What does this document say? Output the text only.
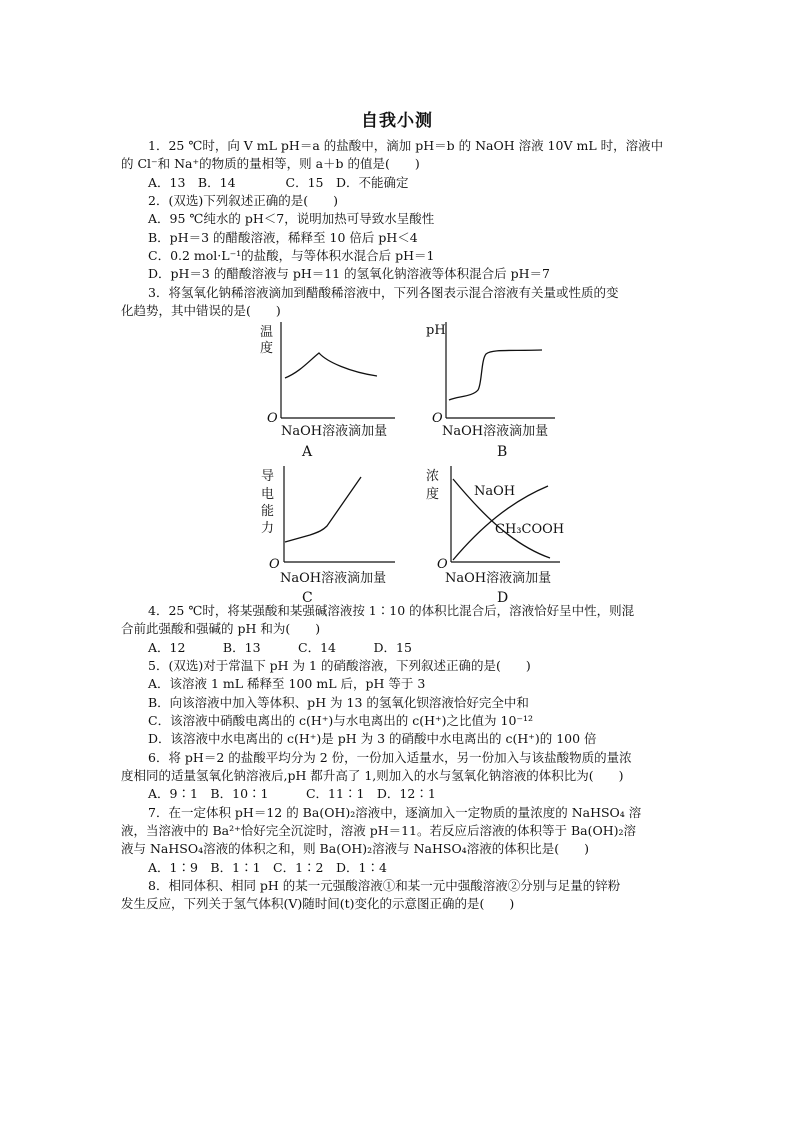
自我小测
1．25 ℃时，向 V mL pH＝a 的盐酸中，滴加 pH＝b 的 NaOH 溶液 10V mL 时，溶液中
的 Cl⁻和 Na⁺的物质的量相等，则 a＋b 的值是(　　)
A．13　B．14　　　　C．15　D．不能确定
2．(双选)下列叙述正确的是(　　)
A．95 ℃纯水的 pH＜7，说明加热可导致水呈酸性
B．pH＝3 的醋酸溶液，稀释至 10 倍后 pH＜4
C．0.2 mol·L⁻¹的盐酸，与等体积水混合后 pH＝1
D．pH＝3 的醋酸溶液与 pH＝11 的氢氧化钠溶液等体积混合后 pH＝7
3．将氢氧化钠稀溶液滴加到醋酸稀溶液中，下列各图表示混合溶液有关量或性质的变
化趋势，其中错误的是(　　)
温
度
O
NaOH溶液滴加量
A
pH
O
NaOH溶液滴加量
B
导
电
能
力
O
NaOH溶液滴加量
C
浓
度	NaOH
CH₃COOH
O
NaOH溶液滴加量
D
4．25 ℃时，将某强酸和某强碱溶液按 1∶10 的体积比混合后，溶液恰好呈中性，则混
合前此强酸和强碱的 pH 和为(　　)
A．12　　　B．13　　　C．14　　　D．15
5．(双选)对于常温下 pH 为 1 的硝酸溶液，下列叙述正确的是(　　)
A．该溶液 1 mL 稀释至 100 mL 后，pH 等于 3
B．向该溶液中加入等体积、pH 为 13 的氢氧化钡溶液恰好完全中和
C．该溶液中硝酸电离出的 c(H⁺)与水电离出的 c(H⁺)之比值为 10⁻¹²
D．该溶液中水电离出的 c(H⁺)是 pH 为 3 的硝酸中水电离出的 c(H⁺)的 100 倍
6．将 pH＝2 的盐酸平均分为 2 份，一份加入适量水，另一份加入与该盐酸物质的量浓
度相同的适量氢氧化钠溶液后,pH 都升高了 1,则加入的水与氢氧化钠溶液的体积比为(　　)
A．9∶1　B．10∶1　　　C．11∶1　D．12∶1
7．在一定体积 pH＝12 的 Ba(OH)₂溶液中，逐滴加入一定物质的量浓度的 NaHSO₄ 溶
液，当溶液中的 Ba²⁺恰好完全沉淀时，溶液 pH＝11。若反应后溶液的体积等于 Ba(OH)₂溶
液与 NaHSO₄溶液的体积之和，则 Ba(OH)₂溶液与 NaHSO₄溶液的体积比是(　　)
A．1∶9　B．1∶1　C．1∶2　D．1∶4
8．相同体积、相同 pH 的某一元强酸溶液①和某一元中强酸溶液②分别与足量的锌粉
发生反应，下列关于氢气体积(V)随时间(t)变化的示意图正确的是(　　)
